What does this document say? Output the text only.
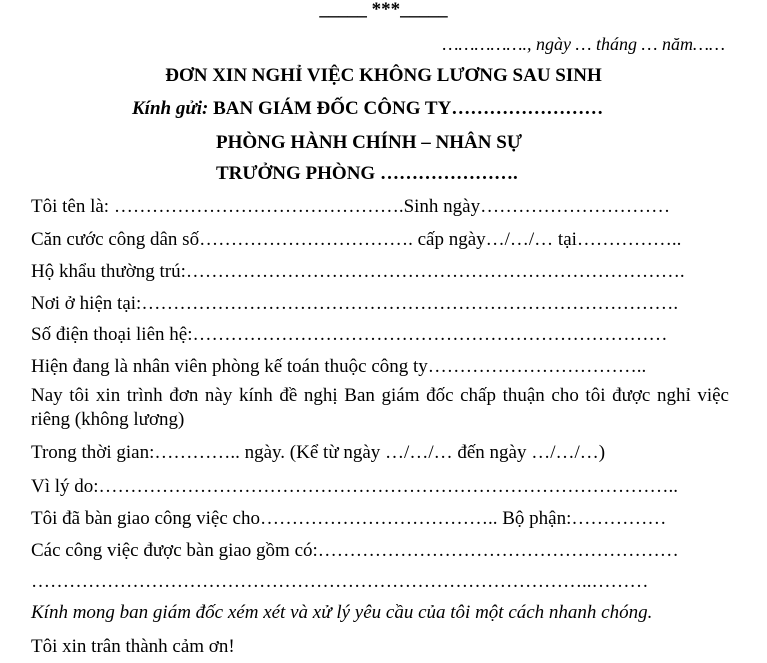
_____ ***_____
……………., ngày … tháng … năm……
ĐƠN XIN NGHỈ VIỆC KHÔNG LƯƠNG SAU SINH
Kính gửi: BAN GIÁM ĐỐC CÔNG TY……………………
PHÒNG HÀNH CHÍNH – NHÂN SỰ
TRƯỞNG PHÒNG ………………….
Tôi tên là: ……………………………………….Sinh ngày…………………………
Căn cước công dân số……………………………. cấp ngày…/…/… tại……………..
Hộ khẩu thường trú:…………………………………………………………………….
Nơi ở hiện tại:………………………………………………………………………….
Số điện thoại liên hệ:…………………………………………………………………
Hiện đang là nhân viên phòng kế toán thuộc công ty……………………………..
Nay tôi xin trình đơn này kính đề nghị Ban giám đốc chấp thuận cho tôi được nghỉ việc riêng (không lương)
Trong thời gian:………….. ngày. (Kể từ ngày …/…/… đến ngày …/…/…)
Vì lý do:………………………………………………………………………………..
Tôi đã bàn giao công việc cho……………………………….. Bộ phận:……………
Các công việc được bàn giao gồm có:…………………………………………………
……………………………………………………………………………..………
Kính mong ban giám đốc xém xét và xử lý yêu cầu của tôi một cách nhanh chóng.
Tôi xin trân thành cảm ơn!
